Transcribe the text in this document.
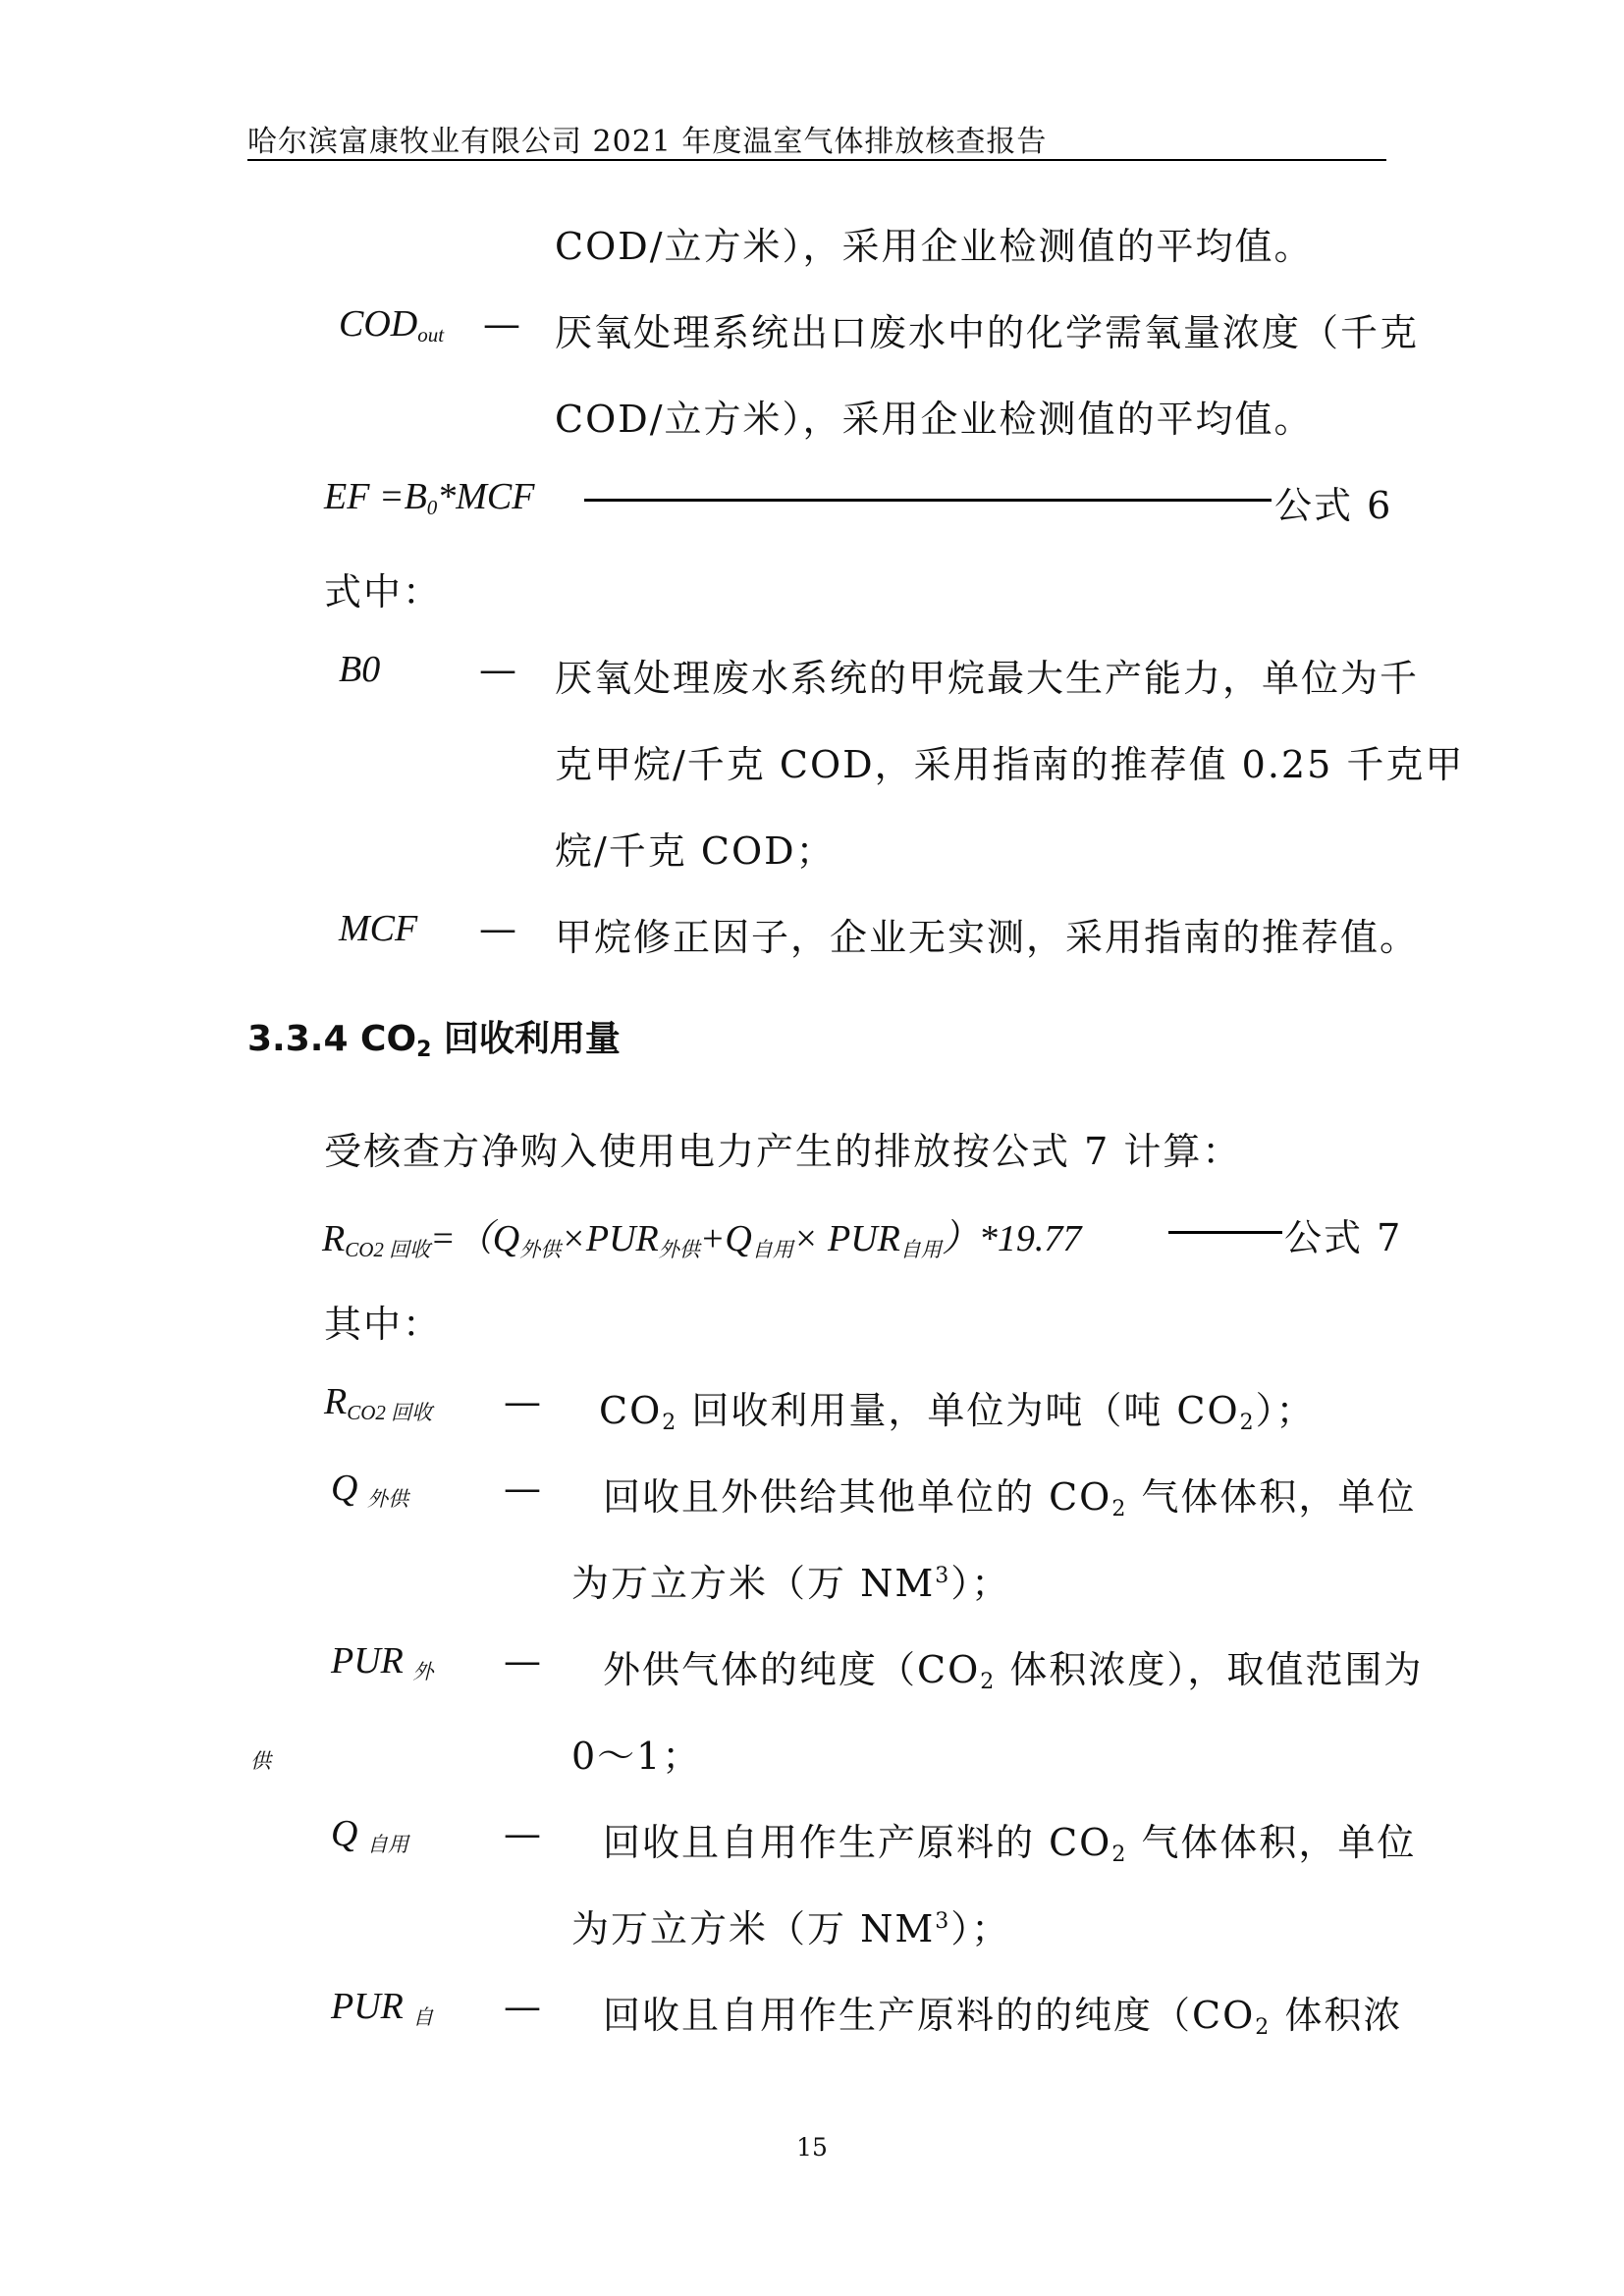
哈尔滨富康牧业有限公司 2021 年度温室气体排放核查报告
COD/立方米），采用企业检测值的平均值。
$COD_{out}$ — 厌氧处理系统出口废水中的化学需氧量浓度（千克
COD/立方米），采用企业检测值的平均值。
EF $=B_0*MCF$	公式 6
式中：
B0	— 厌氧处理废水系统的甲烷最大生产能力，单位为千
克甲烷/千克 COD，采用指南的推荐值 0.25 千克甲
烷/千克 COD；
MCF — 甲烷修正因子，企业无实测，采用指南的推荐值。
3.3.4 CO2 回收利用量
受核查方净购入使用电力产生的排放按公式 7 计算：
$R_{CO2 回收}=(Q_{外供}\times PUR_{外供}+Q_{自用}\times PUR_{自用})*19.77$	公式 7
其中：
$R_{CO2 回收}$ — CO2 回收利用量，单位为吨（吨 CO2）；
Q $_{外供}$	— 回收且外供给其他单位的 CO2 气体体积，单位
为万立方米（万 $NM^3$）；
PUR $_外$ — 外供气体的纯度（CO2 体积浓度），取值范围为
供	0～1；
Q $_{自用}$	— 回收且自用作生产原料的 CO2 气体体积，单位
为万立方米（万 $NM^3$）；
PUR $_自$ — 回收且自用作生产原料的的纯度（CO2 体积浓
15
